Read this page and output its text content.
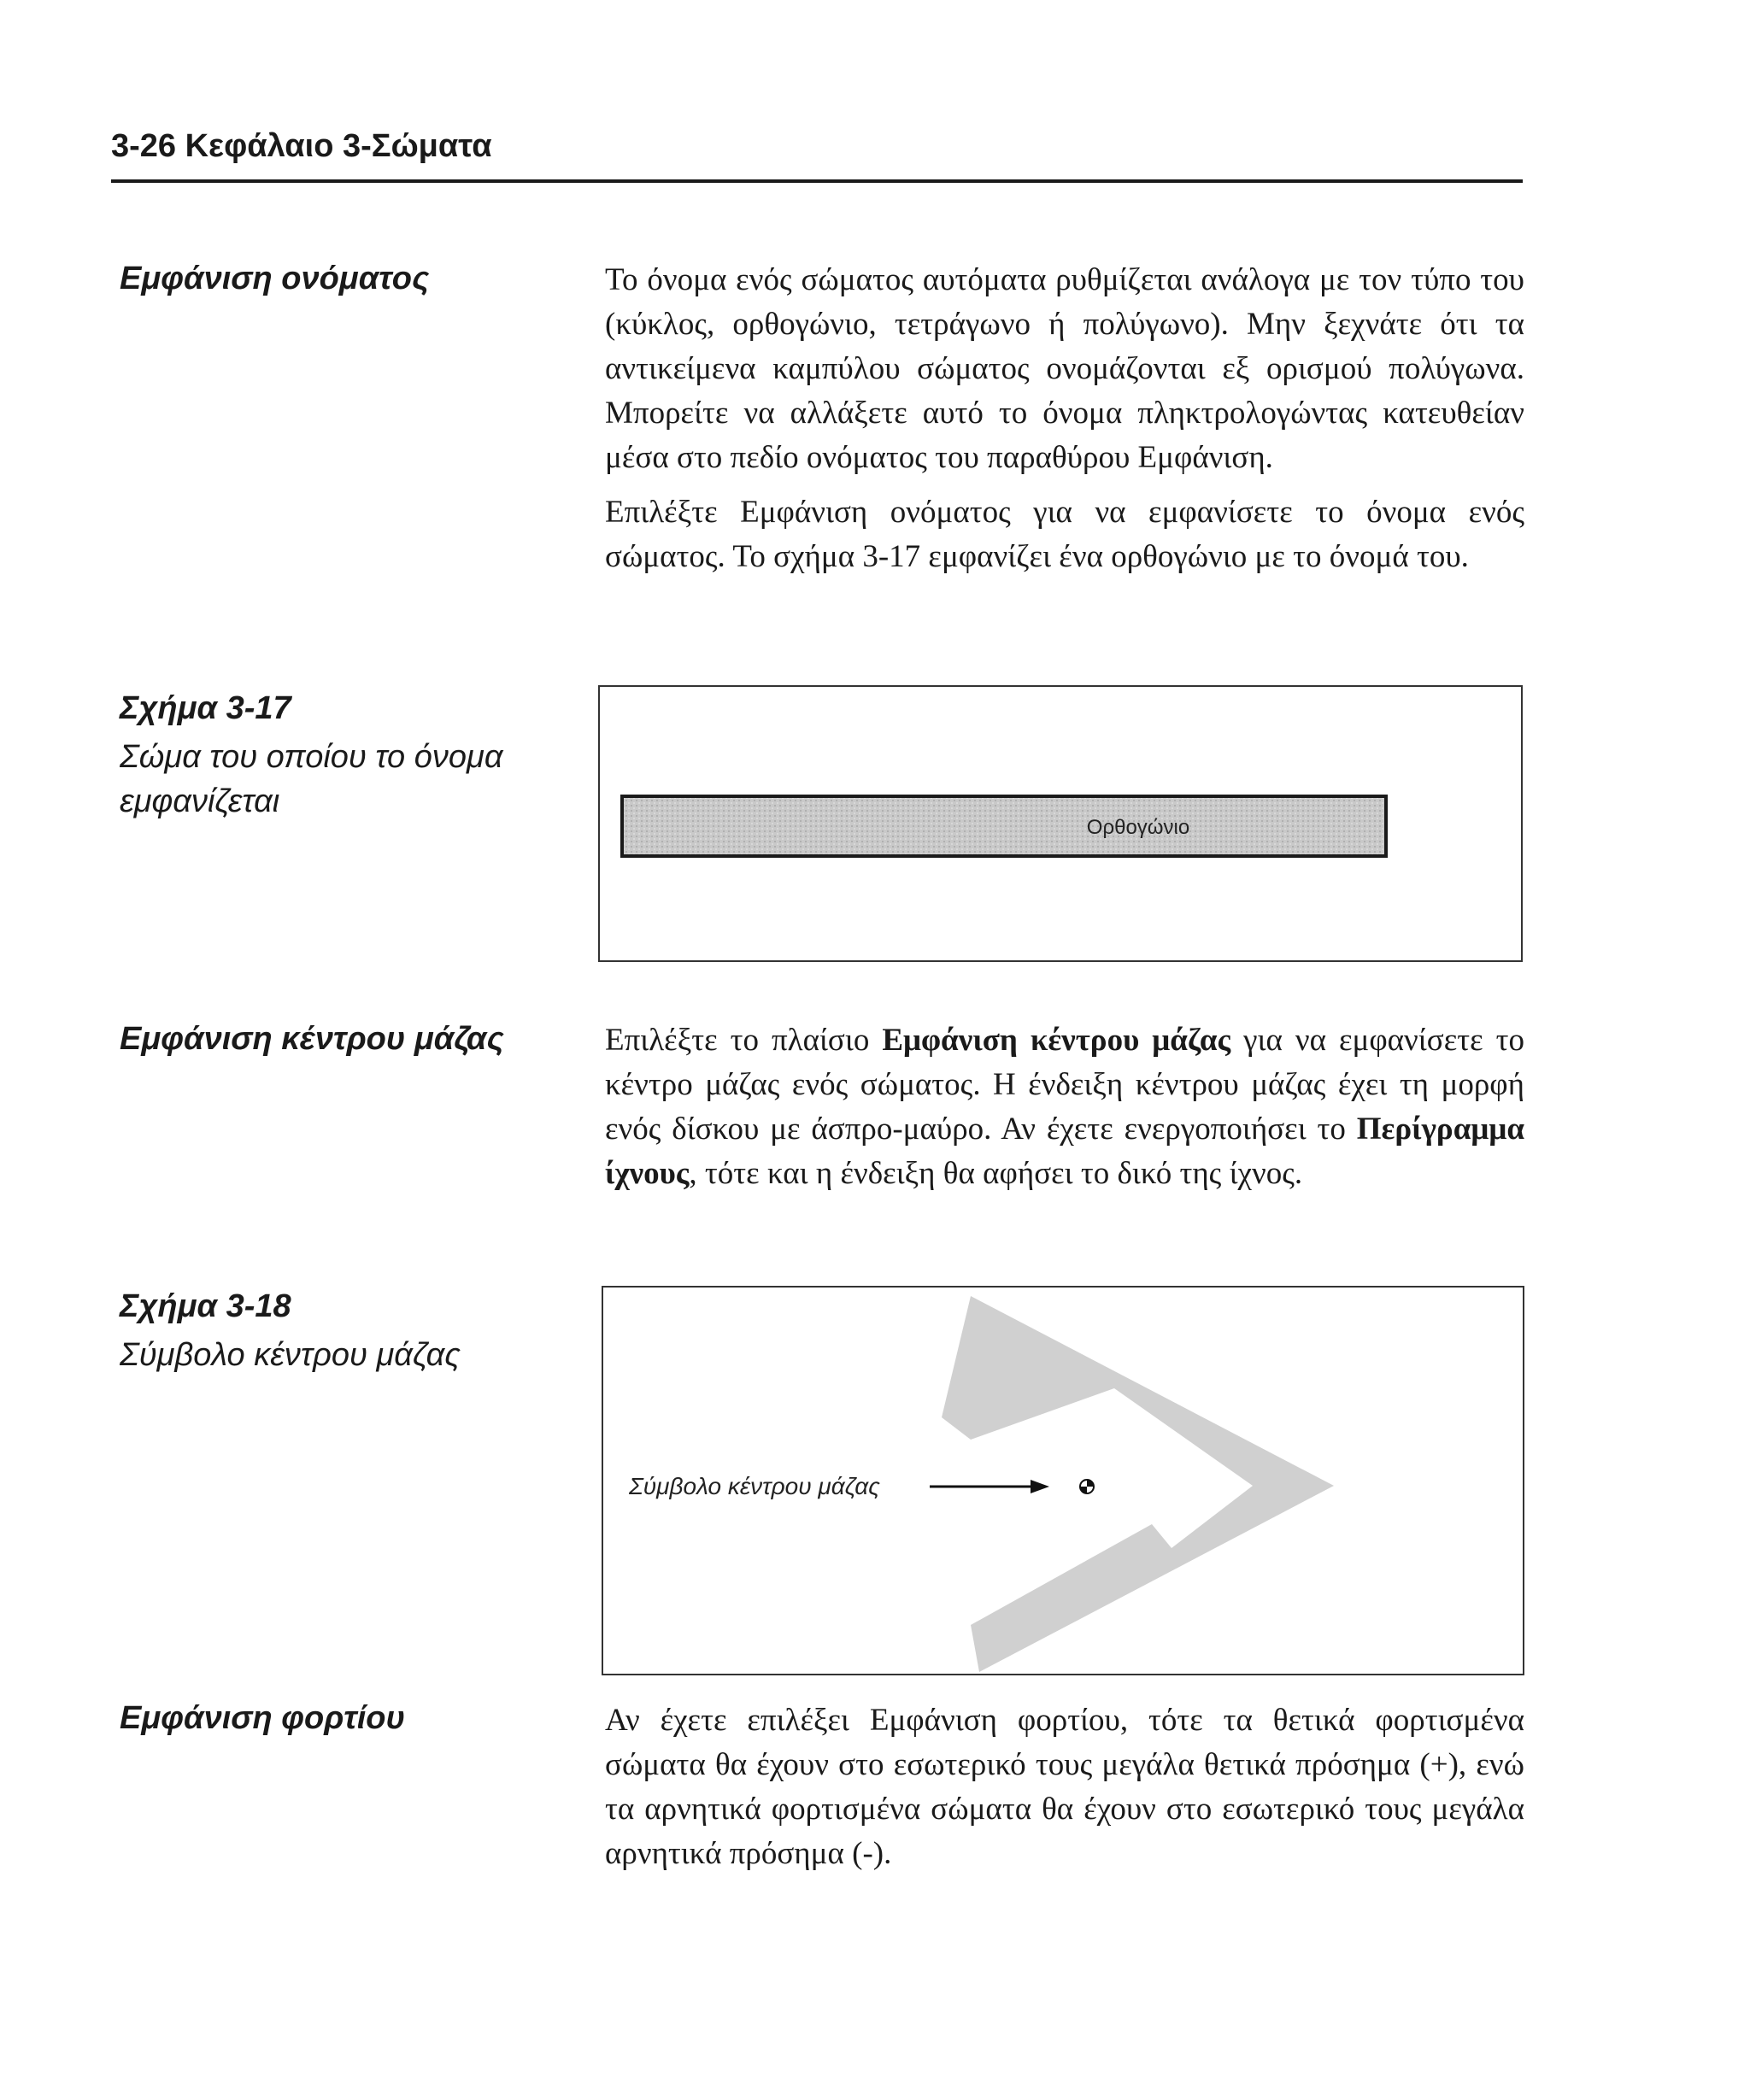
3-26 Κεφάλαιο 3-Σώματα
Εμφάνιση ονόματος	Το όνομα ενός σώματος αυτόματα ρυθμίζεται ανάλογα με τον τύπο του (κύκλος, ορθογώνιο, τετράγωνο ή πολύγωνο). Μην ξεχνάτε ότι τα αντικείμενα καμπύλου σώματος ονομάζονται εξ ορισμού πολύγωνα. Μπορείτε να αλλάξετε αυτό το όνομα πληκτρολογώντας κατευθείαν μέσα στο πεδίο ονόματος του παραθύρου Εμφάνιση.

Επιλέξτε Εμφάνιση ονόματος για να εμφανίσετε το όνομα ενός σώματος. Το σχήμα 3-17 εμφανίζει ένα ορθογώνιο με το όνομά του.

Σχήμα 3-17
Σώμα του οποίου το όνομα εμφανίζεται
Ορθογώνιο
Εμφάνιση κέντρου μάζας	Επιλέξτε το πλαίσιο Εμφάνιση κέντρου μάζας για να εμφανίσετε το κέντρο μάζας ενός σώματος. Η ένδειξη κέντρου μάζας έχει τη μορφή ενός δίσκου με άσπρο-μαύρο. Αν έχετε ενεργοποιήσει το Περίγραμμα ίχνους, τότε και η ένδειξη θα αφήσει το δικό της ίχνος.

Σχήμα 3-18
Σύμβολο κέντρου μάζας
Σύμβολο κέντρου μάζας
Εμφάνιση φορτίου	Αν έχετε επιλέξει Εμφάνιση φορτίου, τότε τα θετικά φορτισμένα σώματα θα έχουν στο εσωτερικό τους μεγάλα θετικά πρόσημα (+), ενώ τα αρνητικά φορτισμένα σώματα θα έχουν στο εσωτερικό τους μεγάλα αρνητικά πρόσημα (-).
